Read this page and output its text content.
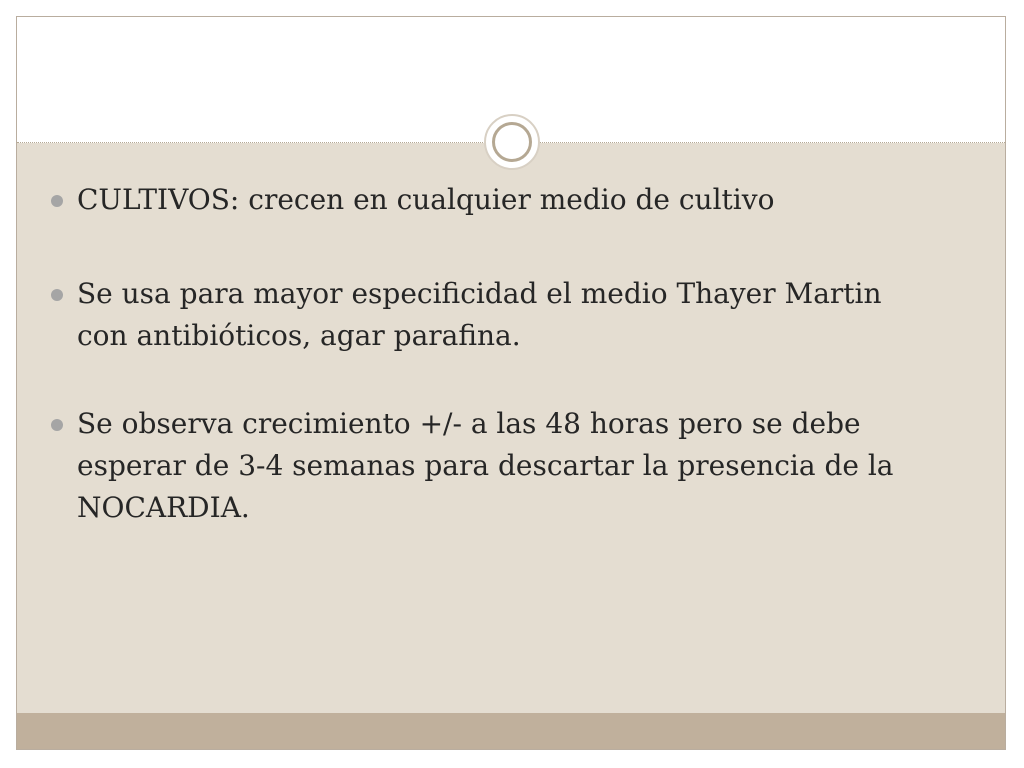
CULTIVOS: crecen en cualquier medio de cultivo
Se usa para mayor especificidad el medio Thayer Martin con antibióticos, agar parafina.
Se observa crecimiento +/- a las 48 horas pero se debe esperar de 3-4 semanas para descartar la presencia de la NOCARDIA.
